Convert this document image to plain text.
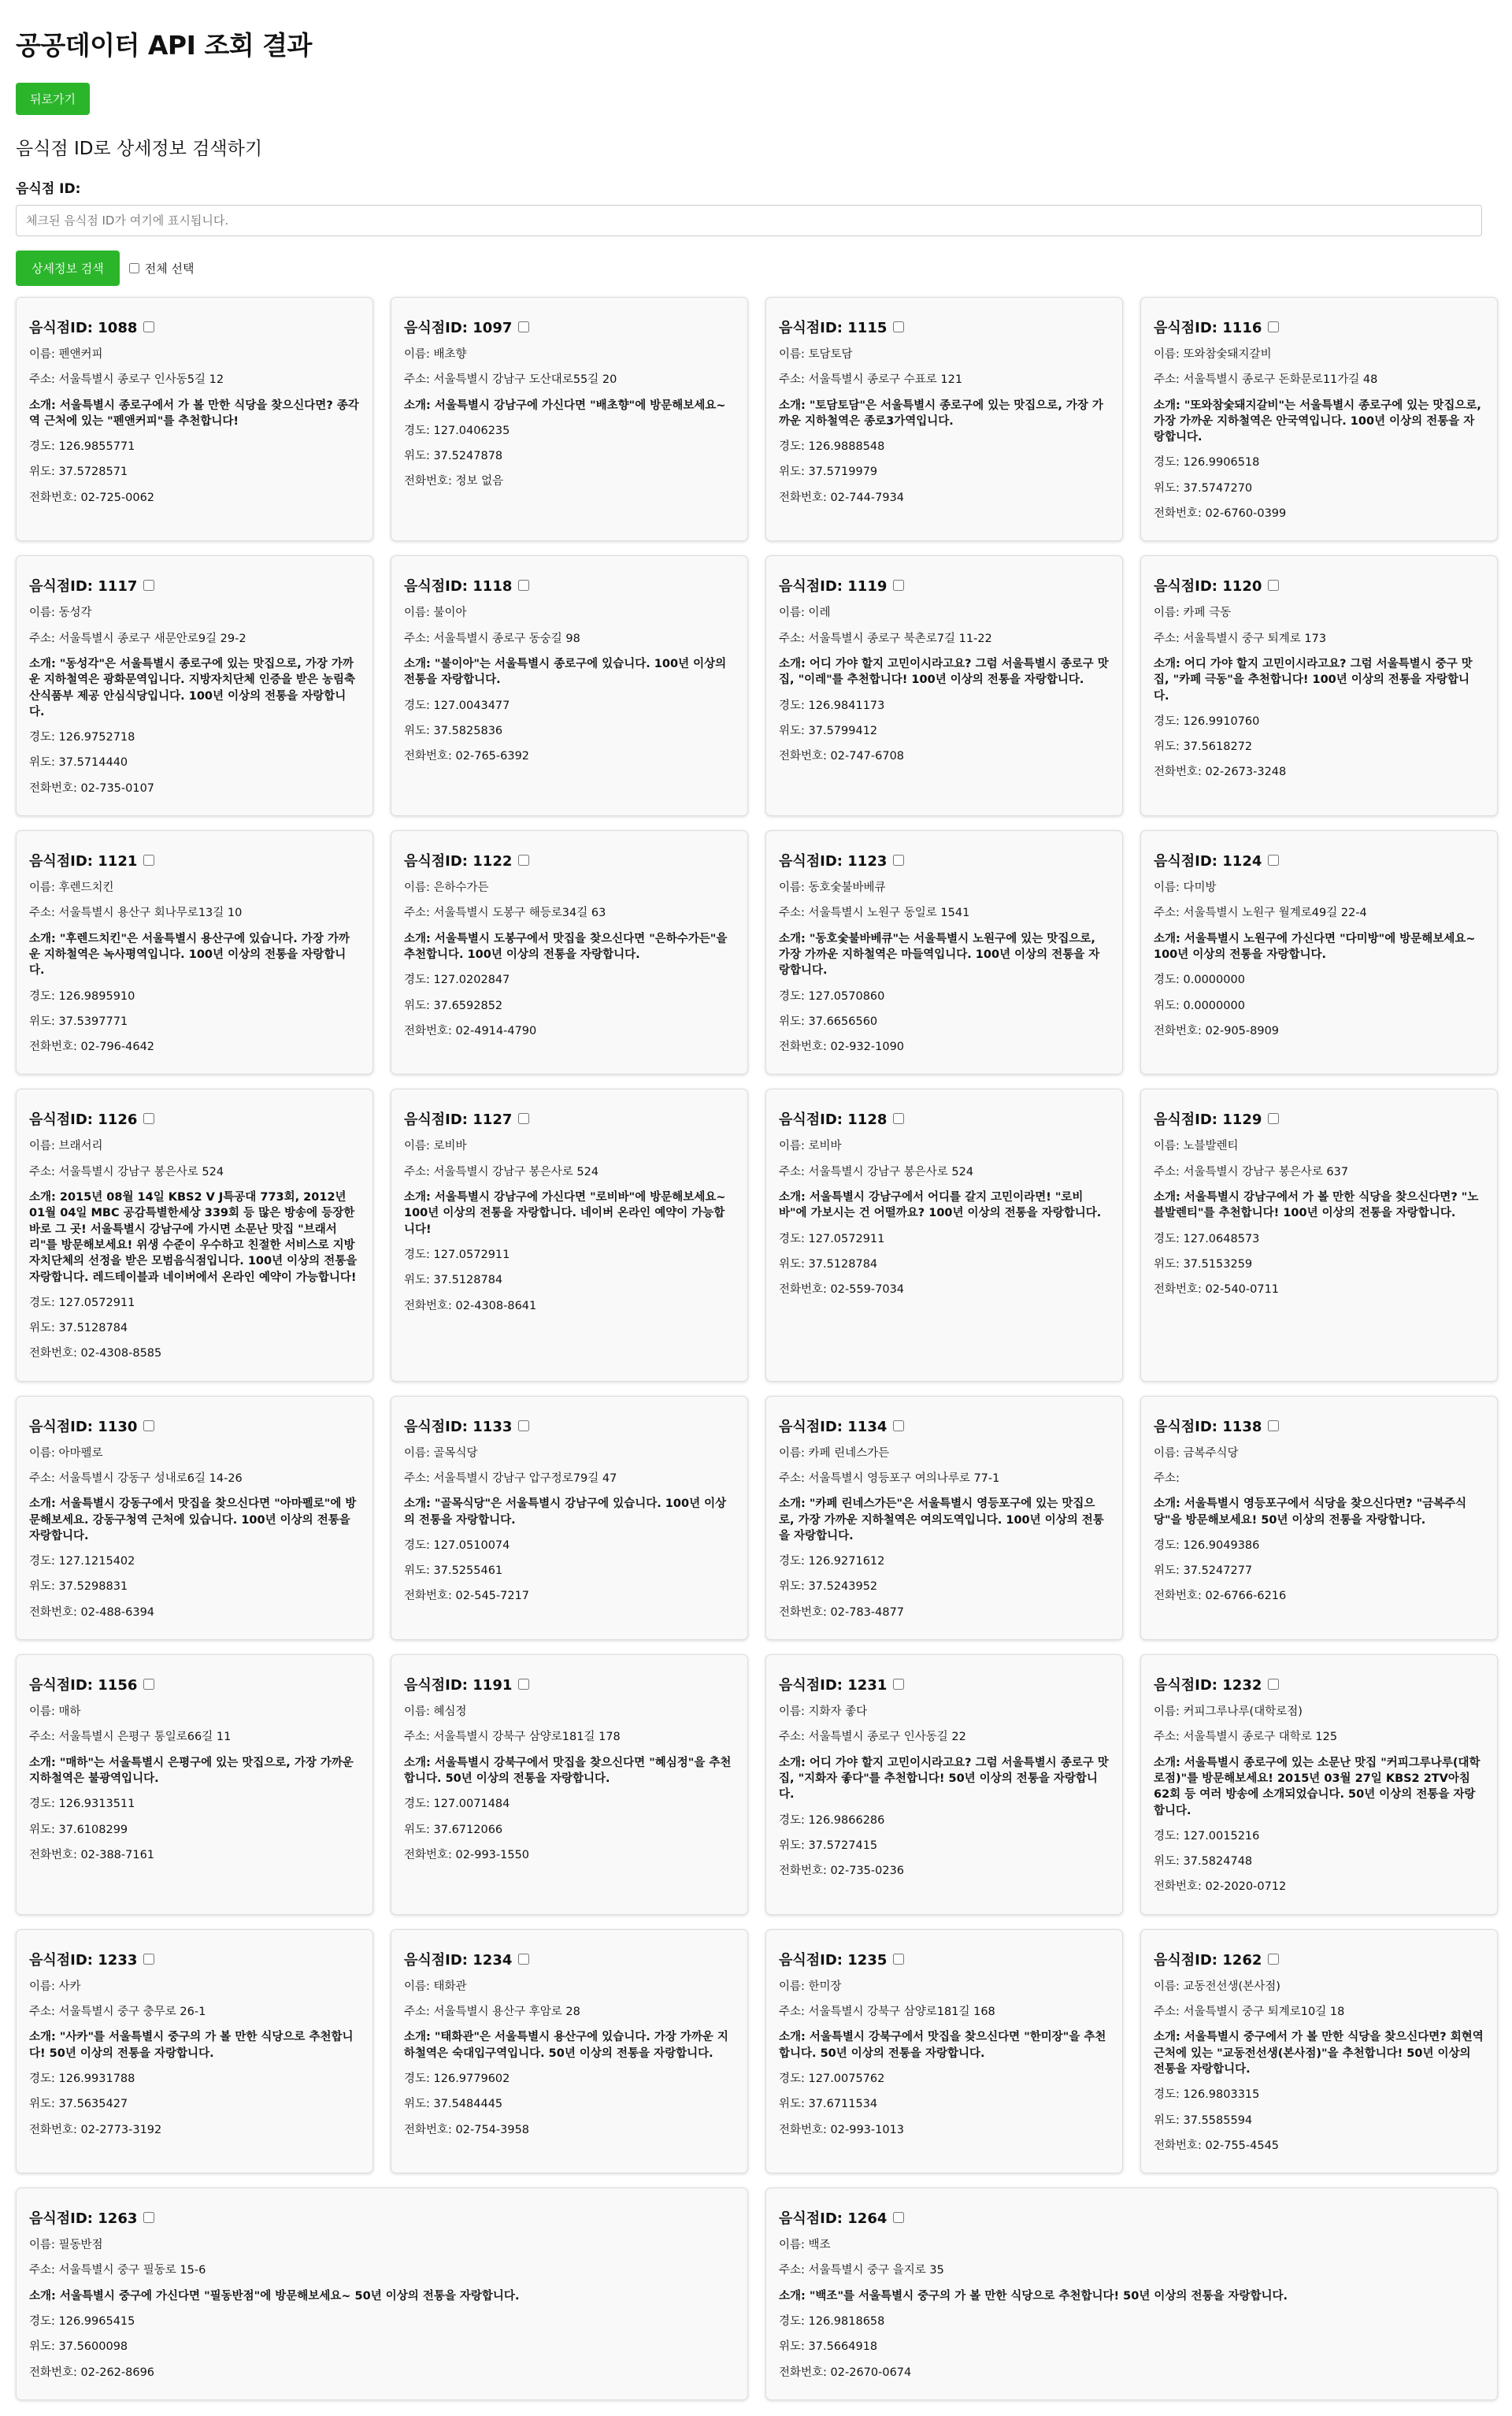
공공데이터 API 조회 결과
뒤로가기
음식점 ID로 상세정보 검색하기
음식점 ID:
체크된 음식점 ID가 여기에 표시됩니다.
상세정보 검색	전체 선택
음식점ID: 1088
이름: 펜앤커피
주소: 서울특별시 종로구 인사동5길 12
소개: 서울특별시 종로구에서 가 볼 만한 식당을 찾으신다면? 종각역 근처에 있는 "펜앤커피"를 추천합니다!
경도: 126.9855771
위도: 37.5728571
전화번호: 02-725-0062
음식점ID: 1097
이름: 배초향
주소: 서울특별시 강남구 도산대로55길 20
소개: 서울특별시 강남구에 가신다면 "배초향"에 방문해보세요~
경도: 127.0406235
위도: 37.5247878
전화번호: 정보 없음
음식점ID: 1115
이름: 토담토담
주소: 서울특별시 종로구 수표로 121
소개: "토담토담"은 서울특별시 종로구에 있는 맛집으로, 가장 가까운 지하철역은 종로3가역입니다.
경도: 126.9888548
위도: 37.5719979
전화번호: 02-744-7934
음식점ID: 1116
이름: 또와참숯돼지갈비
주소: 서울특별시 종로구 돈화문로11가길 48
소개: "또와참숯돼지갈비"는 서울특별시 종로구에 있는 맛집으로, 가장 가까운 지하철역은 안국역입니다. 100년 이상의 전통을 자랑합니다.
경도: 126.9906518
위도: 37.5747270
전화번호: 02-6760-0399
음식점ID: 1117
이름: 동성각
주소: 서울특별시 종로구 새문안로9길 29-2
소개: "동성각"은 서울특별시 종로구에 있는 맛집으로, 가장 가까운 지하철역은 광화문역입니다. 지방자치단체 인증을 받은 농림축산식품부 제공 안심식당입니다. 100년 이상의 전통을 자랑합니다.
경도: 126.9752718
위도: 37.5714440
전화번호: 02-735-0107
음식점ID: 1118
이름: 불이아
주소: 서울특별시 종로구 동숭길 98
소개: "불이아"는 서울특별시 종로구에 있습니다. 100년 이상의 전통을 자랑합니다.
경도: 127.0043477
위도: 37.5825836
전화번호: 02-765-6392
음식점ID: 1119
이름: 이레
주소: 서울특별시 종로구 북촌로7길 11-22
소개: 어디 가야 할지 고민이시라고요? 그럼 서울특별시 종로구 맛집, "이레"를 추천합니다! 100년 이상의 전통을 자랑합니다.
경도: 126.9841173
위도: 37.5799412
전화번호: 02-747-6708
음식점ID: 1120
이름: 카페 극동
주소: 서울특별시 중구 퇴계로 173
소개: 어디 가야 할지 고민이시라고요? 그럼 서울특별시 중구 맛집, "카페 극동"을 추천합니다! 100년 이상의 전통을 자랑합니다.
경도: 126.9910760
위도: 37.5618272
전화번호: 02-2673-3248
음식점ID: 1121
이름: 후렌드치킨
주소: 서울특별시 용산구 회나무로13길 10
소개: "후렌드치킨"은 서울특별시 용산구에 있습니다. 가장 가까운 지하철역은 녹사평역입니다. 100년 이상의 전통을 자랑합니다.
경도: 126.9895910
위도: 37.5397771
전화번호: 02-796-4642
음식점ID: 1122
이름: 은하수가든
주소: 서울특별시 도봉구 해등로34길 63
소개: 서울특별시 도봉구에서 맛집을 찾으신다면 "은하수가든"을 추천합니다. 100년 이상의 전통을 자랑합니다.
경도: 127.0202847
위도: 37.6592852
전화번호: 02-4914-4790
음식점ID: 1123
이름: 동호숯불바베큐
주소: 서울특별시 노원구 동일로 1541
소개: "동호숯불바베큐"는 서울특별시 노원구에 있는 맛집으로, 가장 가까운 지하철역은 마들역입니다. 100년 이상의 전통을 자랑합니다.
경도: 127.0570860
위도: 37.6656560
전화번호: 02-932-1090
음식점ID: 1124
이름: 다미방
주소: 서울특별시 노원구 월계로49길 22-4
소개: 서울특별시 노원구에 가신다면 "다미방"에 방문해보세요~ 100년 이상의 전통을 자랑합니다.
경도: 0.0000000
위도: 0.0000000
전화번호: 02-905-8909
음식점ID: 1126
이름: 브래서리
주소: 서울특별시 강남구 봉은사로 524
소개: 2015년 08월 14일 KBS2 V J특공대 773회, 2012년 01월 04일 MBC 공감특별한세상 339회 등 많은 방송에 등장한 바로 그 곳! 서울특별시 강남구에 가시면 소문난 맛집 "브래서리"를 방문해보세요! 위생 수준이 우수하고 친절한 서비스로 지방자치단체의 선정을 받은 모범음식점입니다. 100년 이상의 전통을 자랑합니다. 레드테이블과 네이버에서 온라인 예약이 가능합니다!
경도: 127.0572911
위도: 37.5128784
전화번호: 02-4308-8585
음식점ID: 1127
이름: 로비바
주소: 서울특별시 강남구 봉은사로 524
소개: 서울특별시 강남구에 가신다면 "로비바"에 방문해보세요~ 100년 이상의 전통을 자랑합니다. 네이버 온라인 예약이 가능합니다!
경도: 127.0572911
위도: 37.5128784
전화번호: 02-4308-8641
음식점ID: 1128
이름: 로비바
주소: 서울특별시 강남구 봉은사로 524
소개: 서울특별시 강남구에서 어디를 갈지 고민이라면! "로비바"에 가보시는 건 어떨까요? 100년 이상의 전통을 자랑합니다.
경도: 127.0572911
위도: 37.5128784
전화번호: 02-559-7034
음식점ID: 1129
이름: 노블발렌티
주소: 서울특별시 강남구 봉은사로 637
소개: 서울특별시 강남구에서 가 볼 만한 식당을 찾으신다면? "노블발렌티"를 추천합니다! 100년 이상의 전통을 자랑합니다.
경도: 127.0648573
위도: 37.5153259
전화번호: 02-540-0711
음식점ID: 1130
이름: 아마펠로
주소: 서울특별시 강동구 성내로6길 14-26
소개: 서울특별시 강동구에서 맛집을 찾으신다면 "아마펠로"에 방문해보세요. 강동구청역 근처에 있습니다. 100년 이상의 전통을 자랑합니다.
경도: 127.1215402
위도: 37.5298831
전화번호: 02-488-6394
음식점ID: 1133
이름: 골목식당
주소: 서울특별시 강남구 압구정로79길 47
소개: "골목식당"은 서울특별시 강남구에 있습니다. 100년 이상의 전통을 자랑합니다.
경도: 127.0510074
위도: 37.5255461
전화번호: 02-545-7217
음식점ID: 1134
이름: 카페 린네스가든
주소: 서울특별시 영등포구 여의나루로 77-1
소개: "카페 린네스가든"은 서울특별시 영등포구에 있는 맛집으로, 가장 가까운 지하철역은 여의도역입니다. 100년 이상의 전통을 자랑합니다.
경도: 126.9271612
위도: 37.5243952
전화번호: 02-783-4877
음식점ID: 1138
이름: 금복주식당
주소:
소개: 서울특별시 영등포구에서 식당을 찾으신다면? "금복주식당"을 방문해보세요! 50년 이상의 전통을 자랑합니다.
경도: 126.9049386
위도: 37.5247277
전화번호: 02-6766-6216
음식점ID: 1156
이름: 매하
주소: 서울특별시 은평구 통일로66길 11
소개: "매하"는 서울특별시 은평구에 있는 맛집으로, 가장 가까운 지하철역은 불광역입니다.
경도: 126.9313511
위도: 37.6108299
전화번호: 02-388-7161
음식점ID: 1191
이름: 혜심정
주소: 서울특별시 강북구 삼양로181길 178
소개: 서울특별시 강북구에서 맛집을 찾으신다면 "혜심정"을 추천합니다. 50년 이상의 전통을 자랑합니다.
경도: 127.0071484
위도: 37.6712066
전화번호: 02-993-1550
음식점ID: 1231
이름: 지화자 좋다
주소: 서울특별시 종로구 인사동길 22
소개: 어디 가야 할지 고민이시라고요? 그럼 서울특별시 종로구 맛집, "지화자 좋다"를 추천합니다! 50년 이상의 전통을 자랑합니다.
경도: 126.9866286
위도: 37.5727415
전화번호: 02-735-0236
음식점ID: 1232
이름: 커피그루나루(대학로점)
주소: 서울특별시 종로구 대학로 125
소개: 서울특별시 종로구에 있는 소문난 맛집 "커피그루나루(대학로점)"를 방문해보세요! 2015년 03월 27일 KBS2 2TV아침 62회 등 여러 방송에 소개되었습니다. 50년 이상의 전통을 자랑합니다.
경도: 127.0015216
위도: 37.5824748
전화번호: 02-2020-0712
음식점ID: 1233
이름: 사카
주소: 서울특별시 중구 충무로 26-1
소개: "사카"를 서울특별시 중구의 가 볼 만한 식당으로 추천합니다! 50년 이상의 전통을 자랑합니다.
경도: 126.9931788
위도: 37.5635427
전화번호: 02-2773-3192
음식점ID: 1234
이름: 태화관
주소: 서울특별시 용산구 후암로 28
소개: "태화관"은 서울특별시 용산구에 있습니다. 가장 가까운 지하철역은 숙대입구역입니다. 50년 이상의 전통을 자랑합니다.
경도: 126.9779602
위도: 37.5484445
전화번호: 02-754-3958
음식점ID: 1235
이름: 한미장
주소: 서울특별시 강북구 삼양로181길 168
소개: 서울특별시 강북구에서 맛집을 찾으신다면 "한미장"을 추천합니다. 50년 이상의 전통을 자랑합니다.
경도: 127.0075762
위도: 37.6711534
전화번호: 02-993-1013
음식점ID: 1262
이름: 교동전선생(본사점)
주소: 서울특별시 중구 퇴계로10길 18
소개: 서울특별시 중구에서 가 볼 만한 식당을 찾으신다면? 회현역 근처에 있는 "교동전선생(본사점)"을 추천합니다! 50년 이상의 전통을 자랑합니다.
경도: 126.9803315
위도: 37.5585594
전화번호: 02-755-4545
음식점ID: 1263
이름: 필동반점
주소: 서울특별시 중구 필동로 15-6
소개: 서울특별시 중구에 가신다면 "필동반점"에 방문해보세요~ 50년 이상의 전통을 자랑합니다.
경도: 126.9965415
위도: 37.5600098
전화번호: 02-262-8696
음식점ID: 1264
이름: 백조
주소: 서울특별시 중구 을지로 35
소개: "백조"를 서울특별시 중구의 가 볼 만한 식당으로 추천합니다! 50년 이상의 전통을 자랑합니다.
경도: 126.9818658
위도: 37.5664918
전화번호: 02-2670-0674
